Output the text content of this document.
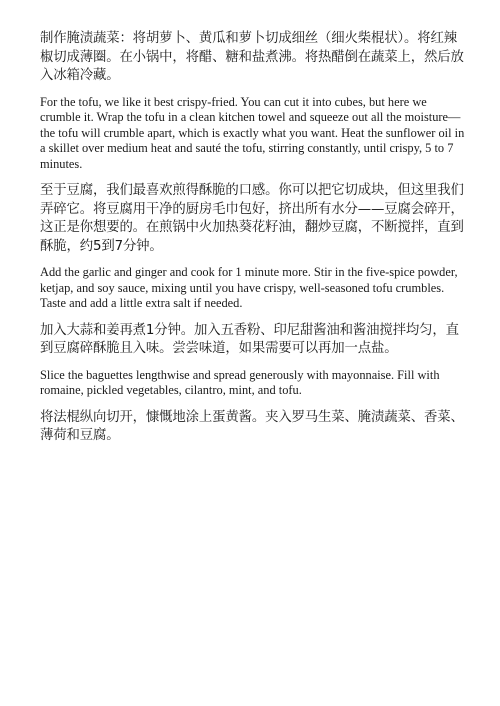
制作腌渍蔬菜：将胡萝卜、黄瓜和萝卜切成细丝（细火柴棍状）。将红辣椒切成薄圈。在小锅中，将醋、糖和盐煮沸。将热醋倒在蔬菜上，然后放入冰箱冷藏。

For the tofu, we like it best crispy-fried. You can cut it into cubes, but here we crumble it. Wrap the tofu in a clean kitchen towel and squeeze out all the moisture—the tofu will crumble apart, which is exactly what you want. Heat the sunflower oil in a skillet over medium heat and sauté the tofu, stirring constantly, until crispy, 5 to 7 minutes.

至于豆腐，我们最喜欢煎得酥脆的口感。你可以把它切成块，但这里我们弄碎它。将豆腐用干净的厨房毛巾包好，挤出所有水分——豆腐会碎开，这正是你想要的。在煎锅中火加热葵花籽油，翻炒豆腐，不断搅拌，直到酥脆，约5到7分钟。

Add the garlic and ginger and cook for 1 minute more. Stir in the five-spice powder, ketjap, and soy sauce, mixing until you have crispy, well-seasoned tofu crumbles. Taste and add a little extra salt if needed.

加入大蒜和姜再煮1分钟。加入五香粉、印尼甜酱油和酱油搅拌均匀，直到豆腐碎酥脆且入味。尝尝味道，如果需要可以再加一点盐。

Slice the baguettes lengthwise and spread generously with mayonnaise. Fill with romaine, pickled vegetables, cilantro, mint, and tofu.

将法棍纵向切开，慷慨地涂上蛋黄酱。夹入罗马生菜、腌渍蔬菜、香菜、薄荷和豆腐。
